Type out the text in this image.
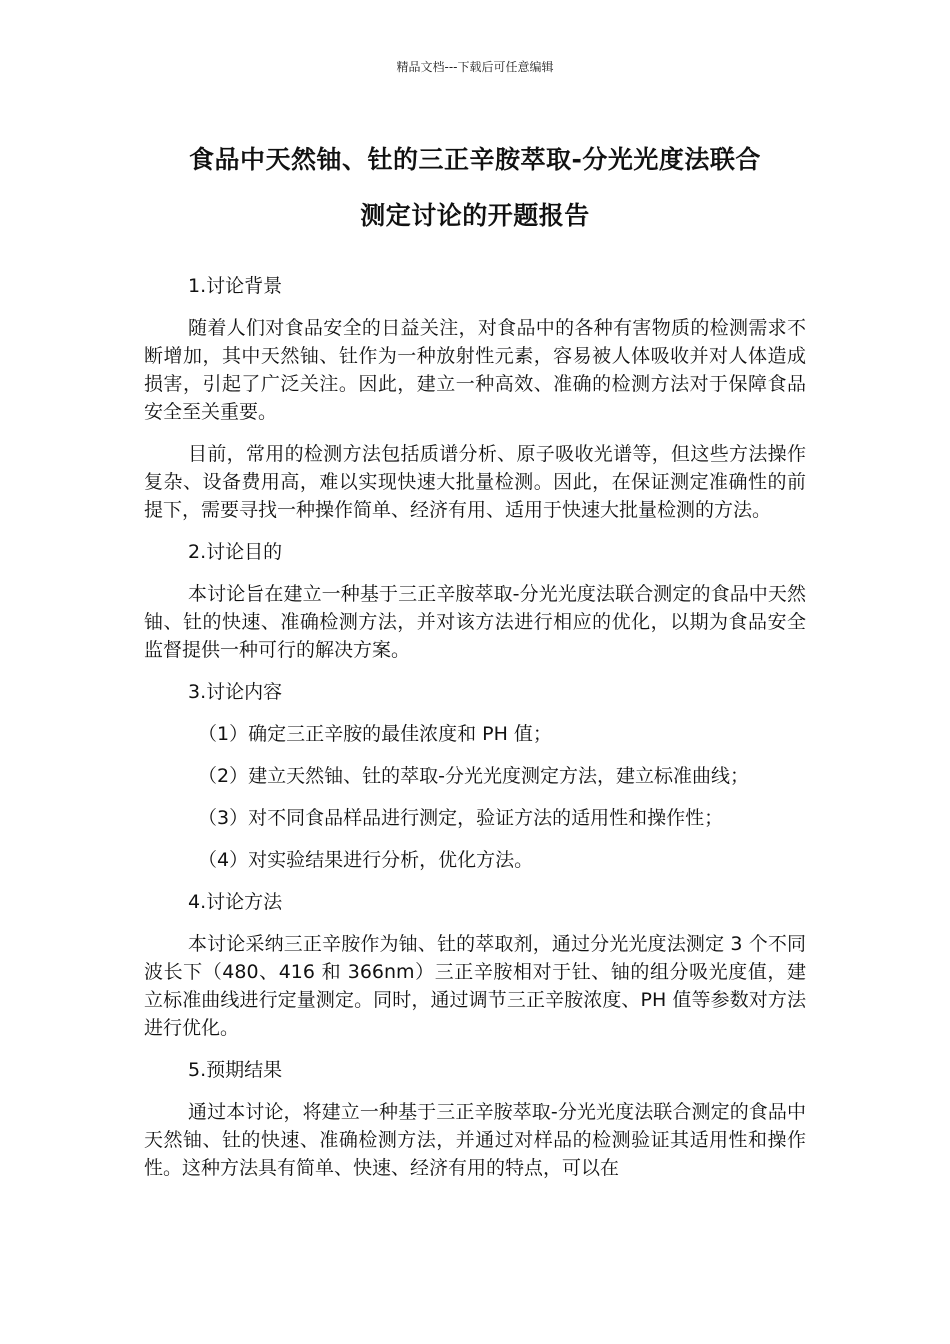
精品文档---下载后可任意编辑
食品中天然铀、钍的三正辛胺萃取-分光光度法联合
测定讨论的开题报告

1.讨论背景

随着人们对食品安全的日益关注，对食品中的各种有害物质的检测需求不断增加，其中天然铀、钍作为一种放射性元素，容易被人体吸收并对人体造成损害，引起了广泛关注。因此，建立一种高效、准确的检测方法对于保障食品安全至关重要。

目前，常用的检测方法包括质谱分析、原子吸收光谱等，但这些方法操作复杂、设备费用高，难以实现快速大批量检测。因此，在保证测定准确性的前提下，需要寻找一种操作简单、经济有用、适用于快速大批量检测的方法。

2.讨论目的

本讨论旨在建立一种基于三正辛胺萃取-分光光度法联合测定的食品中天然铀、钍的快速、准确检测方法，并对该方法进行相应的优化，以期为食品安全监督提供一种可行的解决方案。

3.讨论内容

（1）确定三正辛胺的最佳浓度和 PH 值；

（2）建立天然铀、钍的萃取-分光光度测定方法，建立标准曲线；

（3）对不同食品样品进行测定，验证方法的适用性和操作性；

（4）对实验结果进行分析，优化方法。

4.讨论方法

本讨论采纳三正辛胺作为铀、钍的萃取剂，通过分光光度法测定 3 个不同波长下（480、416 和 366nm）三正辛胺相对于钍、铀的组分吸光度值，建立标准曲线进行定量测定。同时，通过调节三正辛胺浓度、PH 值等参数对方法进行优化。

5.预期结果

通过本讨论，将建立一种基于三正辛胺萃取-分光光度法联合测定的食品中天然铀、钍的快速、准确检测方法，并通过对样品的检测验证其适用性和操作性。这种方法具有简单、快速、经济有用的特点，可以在
